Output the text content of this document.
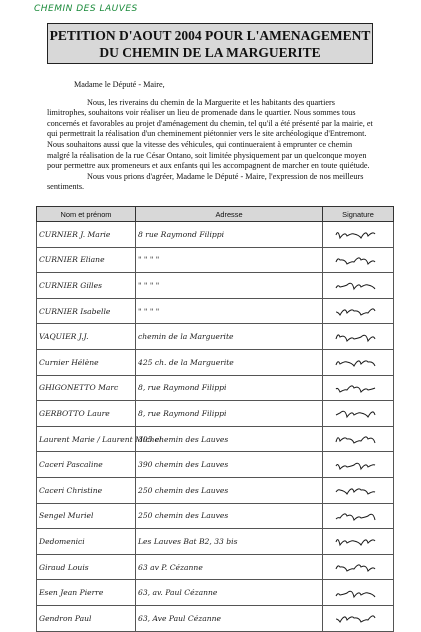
CHEMIN DES LAUVES
PETITION D'AOUT 2004 POUR L'AMENAGEMENT
DU CHEMIN DE LA MARGUERITE

Madame le Député - Maire,

Nous, les riverains du chemin de la Marguerite et les habitants des quartiers limitrophes, souhaitons voir réaliser un lieu de promenade dans le quartier. Nous sommes tous concernés et favorables au projet d'aménagement du chemin, tel qu'il a été présenté par la mairie, et qui permettrait la réalisation d'un cheminement piétonnier vers le site archéologique d'Entremont. Nous souhaitons aussi que la vitesse des véhicules, qui continueraient à emprunter ce chemin malgré la réalisation de la rue César Ontano, soit limitée physiquement par un quelconque moyen pour permettre aux promeneurs et aux enfants qui les accompagnent de marcher en toute quiétude.

Nous vous prions d'agréer, Madame le Député - Maire, l'expression de nos meilleurs sentiments.

Nom et prénom	Adresse	Signature
CURNIER J. Marie	8 rue Raymond Filippi	

CURNIER Eliane	" " " "	

CURNIER Gilles	" " " "	

CURNIER Isabelle	" " " "	

VAQUIER J.J.	chemin de la Marguerite	

Curnier Hélène	425 ch. de la Marguerite	

GHIGONETTO Marc	8, rue Raymond Filippi	

GERBOTTO Laure	8, rue Raymond Filippi	

Laurent Marie / Laurent Michel	305 chemin des Lauves	

Caceri Pascaline	390 chemin des Lauves	

Caceri Christine	250 chemin des Lauves	

Sengel Muriel	250 chemin des Lauves	

Dedomenici	Les Lauves Bat B2, 33 bis	

Giraud Louis	63 av P. Cézanne	

Esen Jean Pierre	63, av. Paul Cézanne	

Gendron Paul	63, Ave Paul Cézanne	
